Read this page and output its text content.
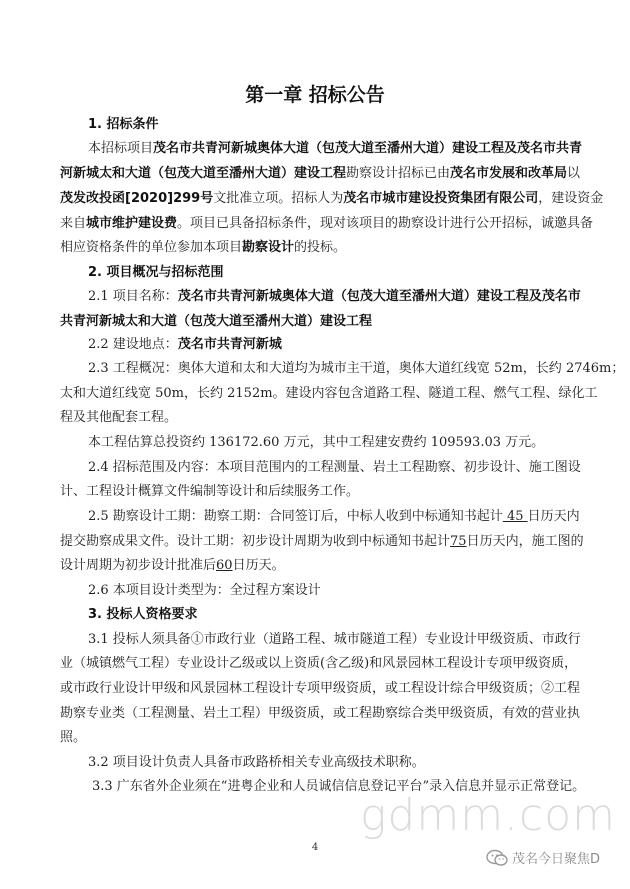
第一章 招标公告
1. 招标条件
本招标项目茂名市共青河新城奥体大道（包茂大道至潘州大道）建设工程及茂名市共青
河新城太和大道（包茂大道至潘州大道）建设工程勘察设计招标已由茂名市发展和改革局以
茂发改投函[2020]299号文批准立项。招标人为茂名市城市建设投资集团有限公司，建设资金
来自城市维护建设费。项目已具备招标条件，现对该项目的勘察设计进行公开招标，诚邀具备
相应资格条件的单位参加本项目勘察设计的投标。
2. 项目概况与招标范围
2.1 项目名称：茂名市共青河新城奥体大道（包茂大道至潘州大道）建设工程及茂名市
共青河新城太和大道（包茂大道至潘州大道）建设工程
2.2 建设地点：茂名市共青河新城
2.3 工程概况：奥体大道和太和大道均为城市主干道，奥体大道红线宽 52m，长约 2746m；
太和大道红线宽 50m，长约 2152m。建设内容包含道路工程、隧道工程、燃气工程、绿化工
程及其他配套工程。
本工程估算总投资约 136172.60 万元，其中工程建安费约 109593.03 万元。
2.4 招标范围及内容：本项目范围内的工程测量、岩土工程勘察、初步设计、施工图设
计、工程设计概算文件编制等设计和后续服务工作。
2.5 勘察设计工期：勘察工期：合同签订后，中标人收到中标通知书起计 45 日历天内
提交勘察成果文件。设计工期：初步设计周期为收到中标通知书起计75日历天内，施工图的
设计周期为初步设计批准后60日历天。
2.6 本项目设计类型为：全过程方案设计
3. 投标人资格要求
3.1 投标人须具备①市政行业（道路工程、城市隧道工程）专业设计甲级资质、市政行
业（城镇燃气工程）专业设计乙级或以上资质(含乙级)和风景园林工程设计专项甲级资质，
或市政行业设计甲级和风景园林工程设计专项甲级资质，或工程设计综合甲级资质；②工程
勘察专业类（工程测量、岩土工程）甲级资质，或工程勘察综合类甲级资质，有效的营业执
照。
3.2 项目设计负责人具备市政路桥相关专业高级技术职称。
3.3 广东省外企业须在“进粤企业和人员诚信信息登记平台”录入信息并显示正常登记。
gdmm.com
4
茂名今日聚焦D
